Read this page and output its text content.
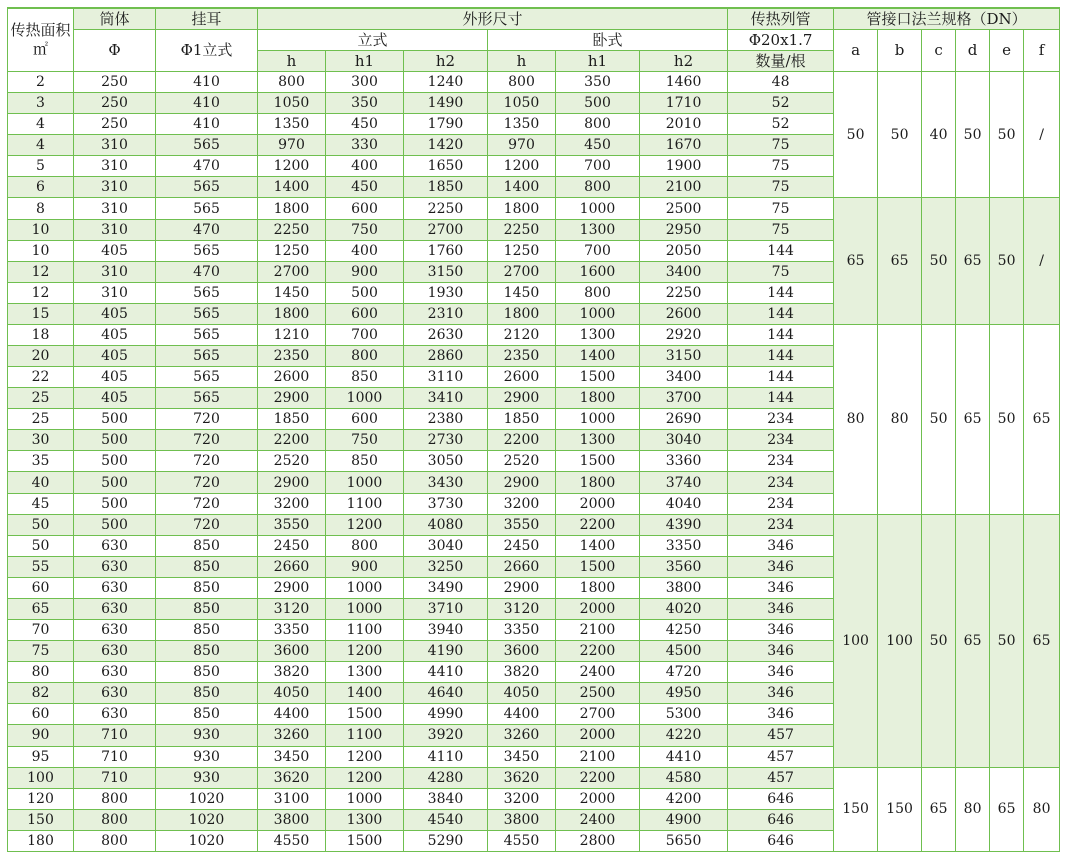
传热面积㎡	筒体	挂耳	外形尺寸						传热列管	管接口法兰规格（DN）					
	Φ	Φ1立式	立式			卧式			Φ20x1.7	a	b	c	d	e	f
			h	h1	h2	h	h1	h2	数量/根						
2	250	410	800	300	1240	800	350	1460	48	50	50	40	50	50	/
3	250	410	1050	350	1490	1050	500	1710	52						
4	250	410	1350	450	1790	1350	800	2010	52						
4	310	565	970	330	1420	970	450	1670	75						
5	310	470	1200	400	1650	1200	700	1900	75						
6	310	565	1400	450	1850	1400	800	2100	75						
8	310	565	1800	600	2250	1800	1000	2500	75	65	65	50	65	50	/
10	310	470	2250	750	2700	2250	1300	2950	75						
10	405	565	1250	400	1760	1250	700	2050	144						
12	310	470	2700	900	3150	2700	1600	3400	75						
12	310	565	1450	500	1930	1450	800	2250	144						
15	405	565	1800	600	2310	1800	1000	2600	144						
18	405	565	1210	700	2630	2120	1300	2920	144	80	80	50	65	50	65
20	405	565	2350	800	2860	2350	1400	3150	144						
22	405	565	2600	850	3110	2600	1500	3400	144						
25	405	565	2900	1000	3410	2900	1800	3700	144						
25	500	720	1850	600	2380	1850	1000	2690	234						
30	500	720	2200	750	2730	2200	1300	3040	234						
35	500	720	2520	850	3050	2520	1500	3360	234						
40	500	720	2900	1000	3430	2900	1800	3740	234						
45	500	720	3200	1100	3730	3200	2000	4040	234						
50	500	720	3550	1200	4080	3550	2200	4390	234	100	100	50	65	50	65
50	630	850	2450	800	3040	2450	1400	3350	346						
55	630	850	2660	900	3250	2660	1500	3560	346						
60	630	850	2900	1000	3490	2900	1800	3800	346						
65	630	850	3120	1000	3710	3120	2000	4020	346						
70	630	850	3350	1100	3940	3350	2100	4250	346						
75	630	850	3600	1200	4190	3600	2200	4500	346						
80	630	850	3820	1300	4410	3820	2400	4720	346						
82	630	850	4050	1400	4640	4050	2500	4950	346						
60	630	850	4400	1500	4990	4400	2700	5300	346						
90	710	930	3260	1100	3920	3260	2000	4220	457						
95	710	930	3450	1200	4110	3450	2100	4410	457						
100	710	930	3620	1200	4280	3620	2200	4580	457	150	150	65	80	65	80
120	800	1020	3100	1000	3840	3200	2000	4200	646						
150	800	1020	3800	1300	4540	3800	2400	4900	646						
180	800	1020	4550	1500	5290	4550	2800	5650	646						
